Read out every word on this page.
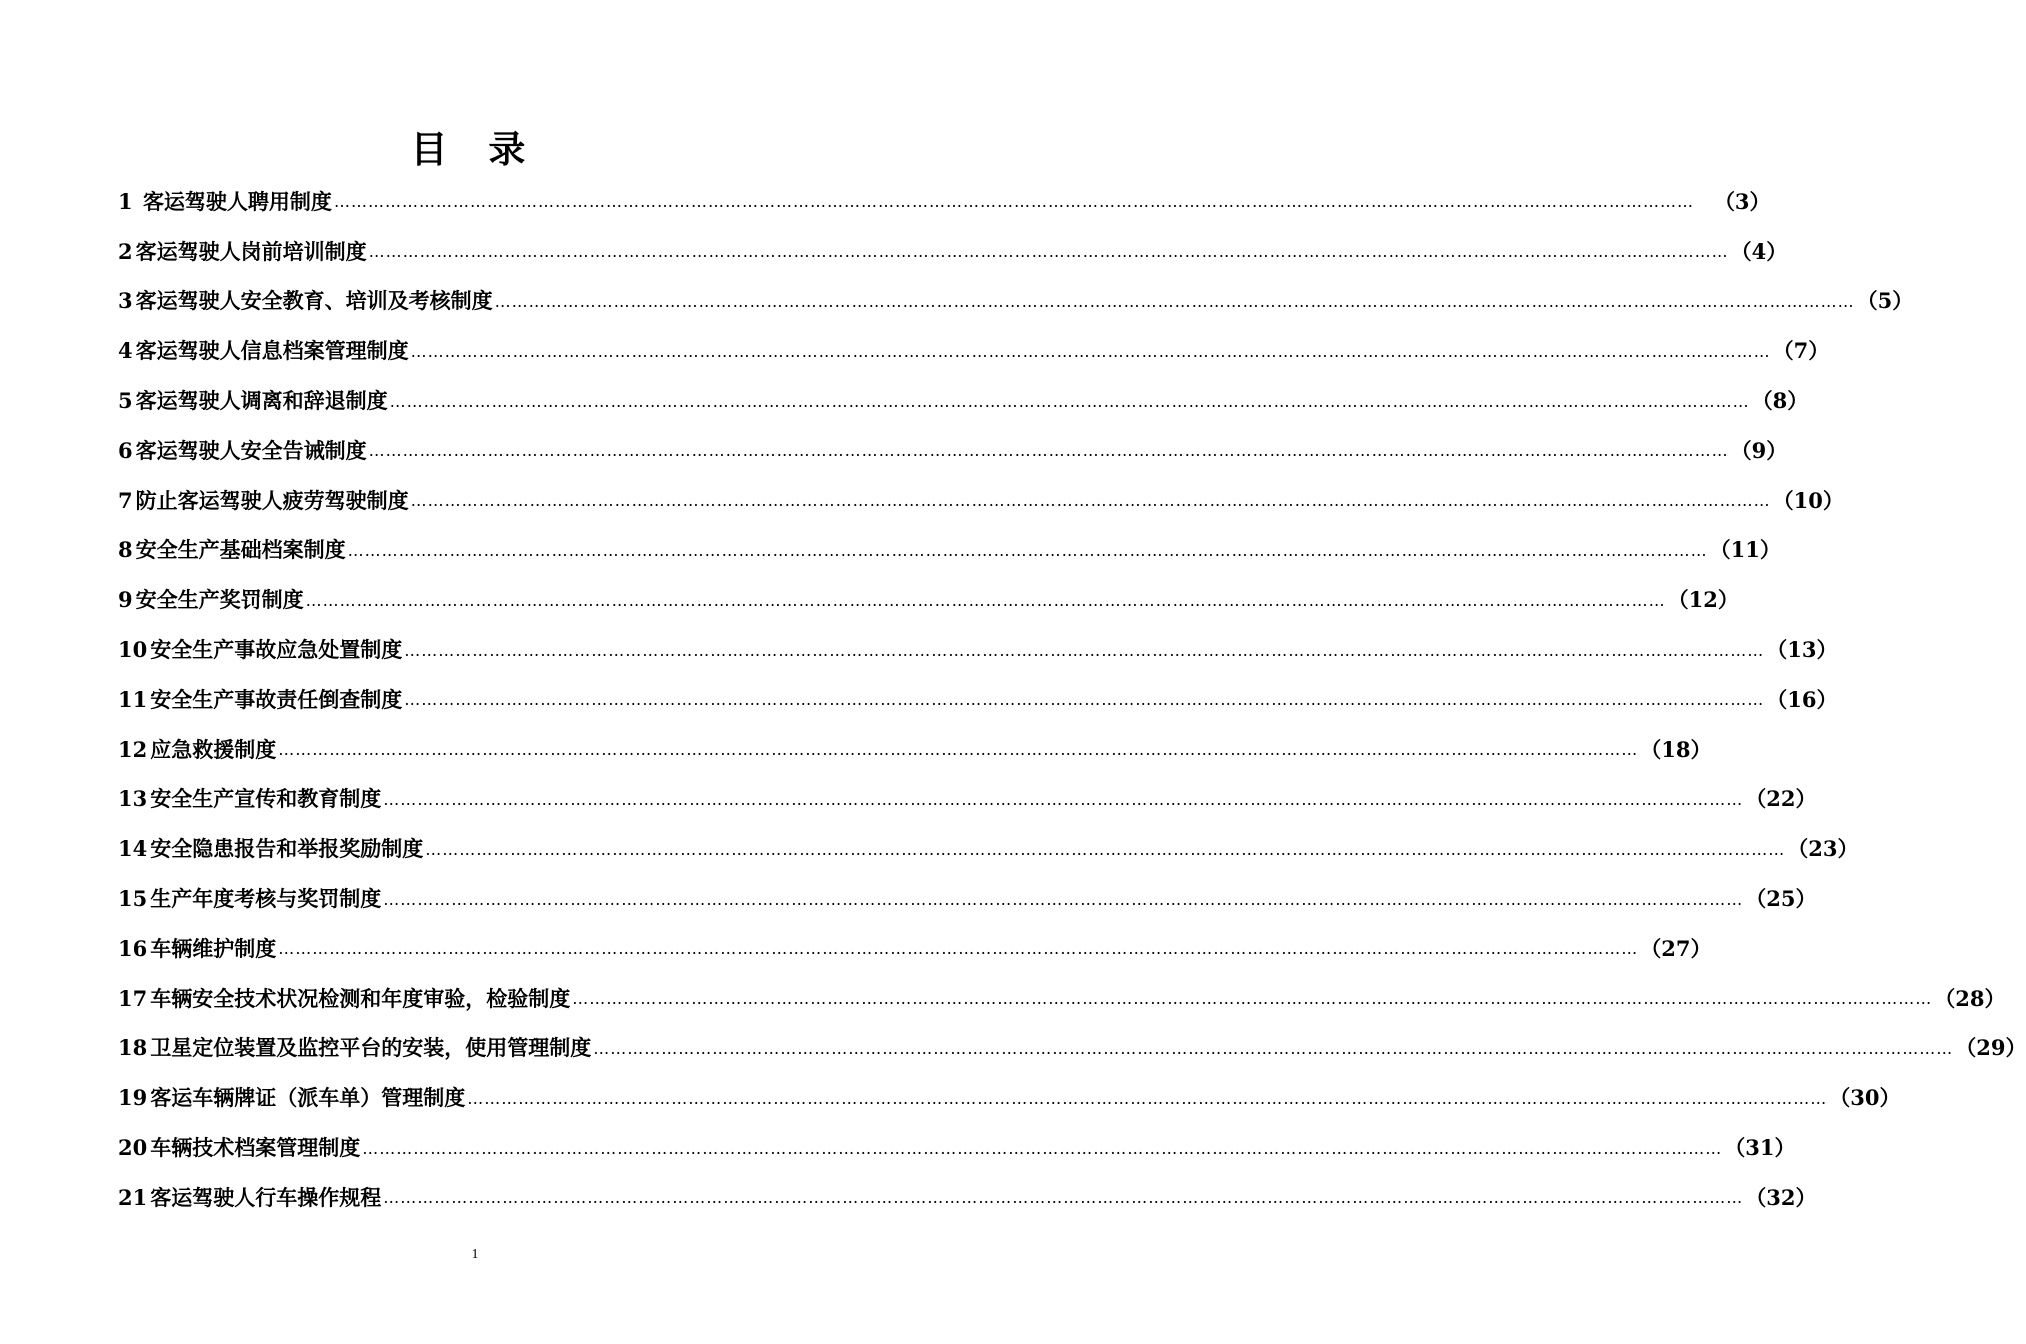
目 录
1 客运驾驶人聘用制度 …………………………………………………………………………………………………………………………………………………………………………………………………………………… （3）
2 客运驾驶人岗前培训制度 …………………………………………………………………………………………………………………………………………………………………………………………………………………… （4）
3 客运驾驶人安全教育、培训及考核制度 …………………………………………………………………………………………………………………………………………………………………………………………………………………… （5）
4 客运驾驶人信息档案管理制度 …………………………………………………………………………………………………………………………………………………………………………………………………………………… （7）
5 客运驾驶人调离和辞退制度 …………………………………………………………………………………………………………………………………………………………………………………………………………………… （8）
6 客运驾驶人安全告诫制度 …………………………………………………………………………………………………………………………………………………………………………………………………………………… （9）
7 防止客运驾驶人疲劳驾驶制度 …………………………………………………………………………………………………………………………………………………………………………………………………………………… （10）
8 安全生产基础档案制度 …………………………………………………………………………………………………………………………………………………………………………………………………………………… （11）
9 安全生产奖罚制度 …………………………………………………………………………………………………………………………………………………………………………………………………………………… （12）
10 安全生产事故应急处置制度 …………………………………………………………………………………………………………………………………………………………………………………………………………………… （13）
11 安全生产事故责任倒查制度 …………………………………………………………………………………………………………………………………………………………………………………………………………………… （16）
12 应急救援制度 …………………………………………………………………………………………………………………………………………………………………………………………………………………… （18）
13 安全生产宣传和教育制度 …………………………………………………………………………………………………………………………………………………………………………………………………………………… （22）
14 安全隐患报告和举报奖励制度 …………………………………………………………………………………………………………………………………………………………………………………………………………………… （23）
15 生产年度考核与奖罚制度 …………………………………………………………………………………………………………………………………………………………………………………………………………………… （25）
16 车辆维护制度 …………………………………………………………………………………………………………………………………………………………………………………………………………………… （27）
17 车辆安全技术状况检测和年度审验，检验制度 …………………………………………………………………………………………………………………………………………………………………………………………………………………… （28）
18 卫星定位装置及监控平台的安装，使用管理制度 …………………………………………………………………………………………………………………………………………………………………………………………………………………… （29）
19 客运车辆牌证（派车单）管理制度 …………………………………………………………………………………………………………………………………………………………………………………………………………………… （30）
20 车辆技术档案管理制度 …………………………………………………………………………………………………………………………………………………………………………………………………………………… （31）
21 客运驾驶人行车操作规程 …………………………………………………………………………………………………………………………………………………………………………………………………………………… （32）
1
